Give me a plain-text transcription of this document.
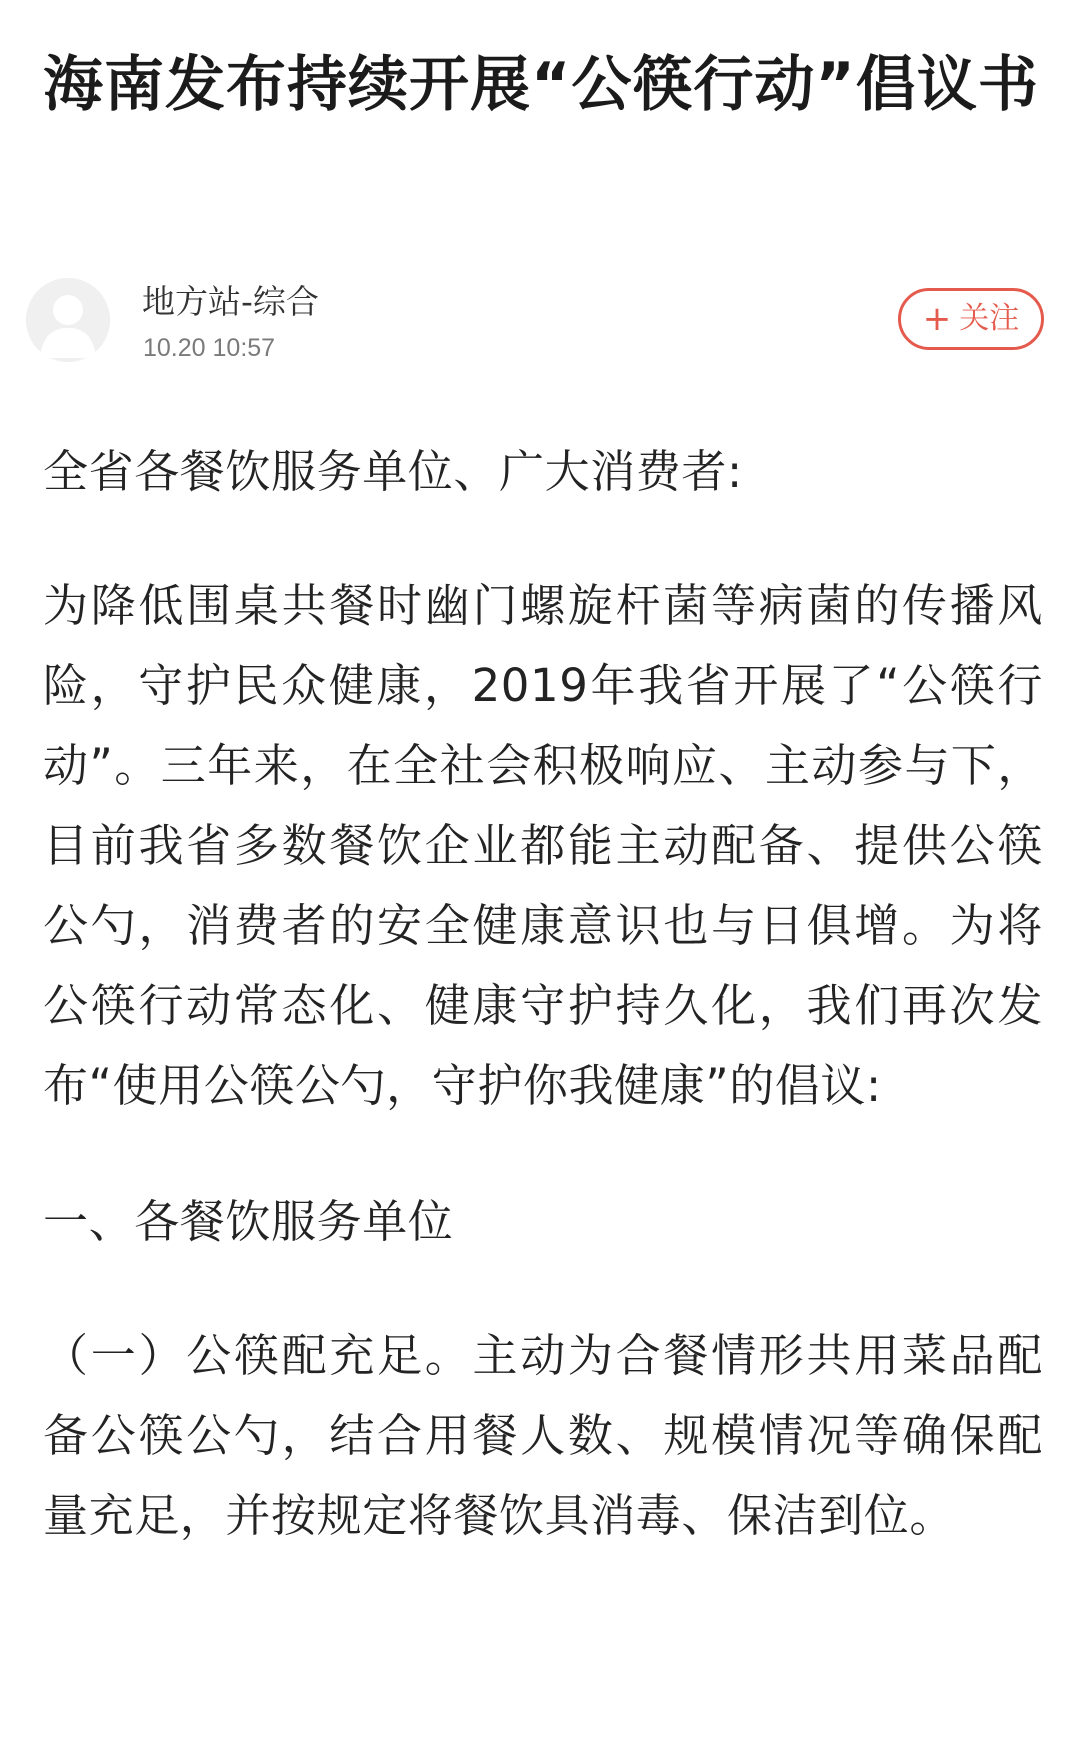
海南发布持续开展“公筷行动”倡议书
地方站-综合
10.20 10:57
+ 关注

全省各餐饮服务单位、广大消费者:

为降低围桌共餐时幽门螺旋杆菌等病菌的传播风险，守护民众健康，2019年我省开展了“公筷行动”。三年来，在全社会积极响应、主动参与下，目前我省多数餐饮企业都能主动配备、提供公筷公勺，消费者的安全健康意识也与日俱增。为将公筷行动常态化、健康守护持久化，我们再次发布“使用公筷公勺，守护你我健康”的倡议:

一、各餐饮服务单位

（一）公筷配充足。主动为合餐情形共用菜品配备公筷公勺，结合用餐人数、规模情况等确保配量充足，并按规定将餐饮具消毒、保洁到位。
